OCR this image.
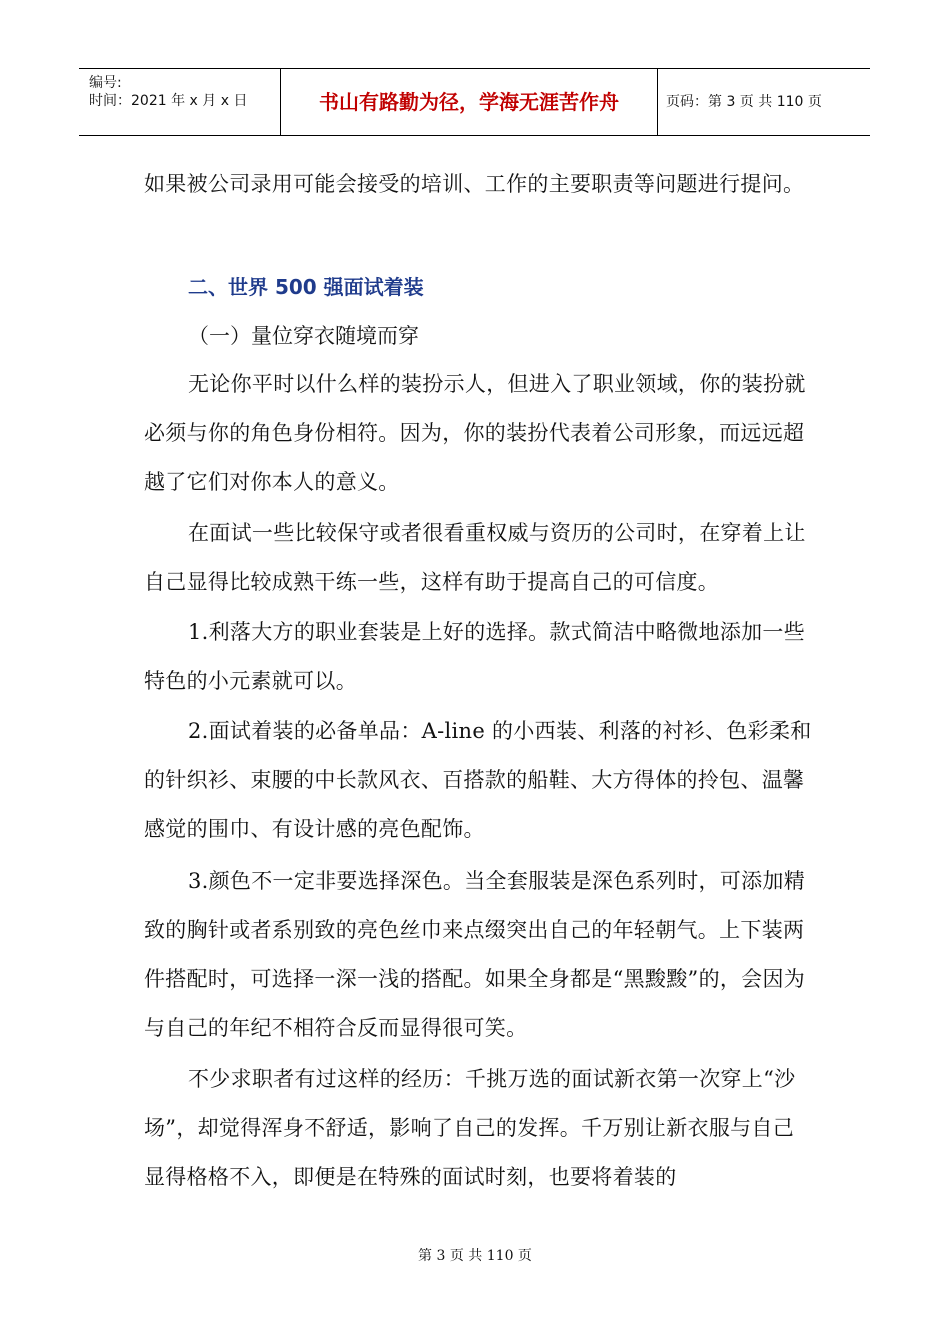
编号:
时间：2021 年 x 月 x 日	书山有路勤为径，学海无涯苦作舟	页码：第 3 页 共 110 页

如果被公司录用可能会接受的培训、工作的主要职责等问题进行提问。

二、世界 500 强面试着装

（一）量位穿衣随境而穿

无论你平时以什么样的装扮示人，但进入了职业领域，你的装扮就必须与你的角色身份相符。因为，你的装扮代表着公司形象，而远远超越了它们对你本人的意义。

在面试一些比较保守或者很看重权威与资历的公司时，在穿着上让自己显得比较成熟干练一些，这样有助于提高自己的可信度。

1.利落大方的职业套装是上好的选择。款式简洁中略微地添加一些特色的小元素就可以。

2.面试着装的必备单品：A-line 的小西装、利落的衬衫、色彩柔和的针织衫、束腰的中长款风衣、百搭款的船鞋、大方得体的拎包、温馨感觉的围巾、有设计感的亮色配饰。

3.颜色不一定非要选择深色。当全套服装是深色系列时，可添加精致的胸针或者系别致的亮色丝巾来点缀突出自己的年轻朝气。上下装两件搭配时，可选择一深一浅的搭配。如果全身都是“黑黢黢”的，会因为与自己的年纪不相符合反而显得很可笑。

不少求职者有过这样的经历：千挑万选的面试新衣第一次穿上“沙场”，却觉得浑身不舒适，影响了自己的发挥。千万别让新衣服与自己显得格格不入，即便是在特殊的面试时刻，也要将着装的

第 3 页 共 110 页
